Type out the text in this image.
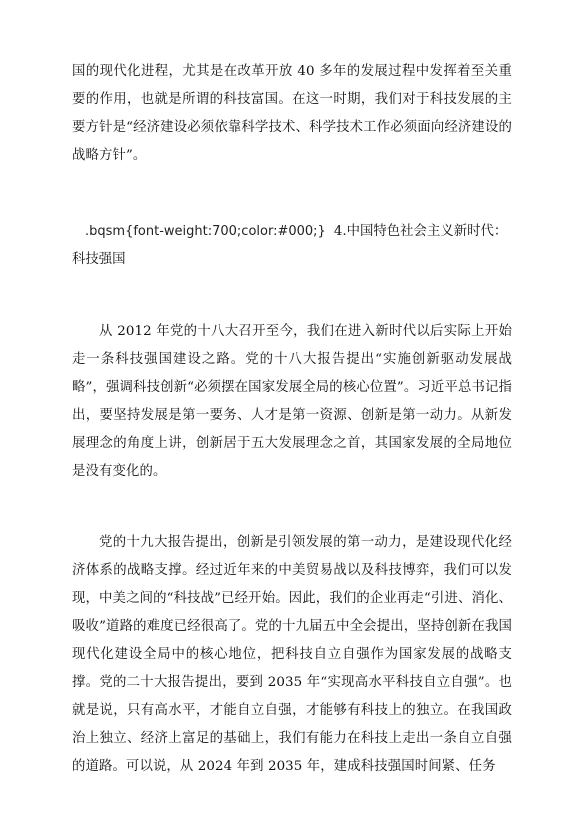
国的现代化进程，尤其是在改革开放 40 多年的发展过程中发挥着至关重要的作用，也就是所谓的科技富国。在这一时期，我们对于科技发展的主要方针是“经济建设必须依靠科学技术、科学技术工作必须面向经济建设的战略方针”。

.bqsm{font-weight:700;color:#000;} 4.中国特色社会主义新时代：科技强国

从 2012 年党的十八大召开至今，我们在进入新时代以后实际上开始走一条科技强国建设之路。党的十八大报告提出“实施创新驱动发展战略”，强调科技创新“必须摆在国家发展全局的核心位置”。习近平总书记指出，要坚持发展是第一要务、人才是第一资源、创新是第一动力。从新发展理念的角度上讲，创新居于五大发展理念之首，其国家发展的全局地位是没有变化的。

党的十九大报告提出，创新是引领发展的第一动力，是建设现代化经济体系的战略支撑。经过近年来的中美贸易战以及科技博弈，我们可以发现，中美之间的“科技战”已经开始。因此，我们的企业再走“引进、消化、吸收”道路的难度已经很高了。党的十九届五中全会提出，坚持创新在我国现代化建设全局中的核心地位，把科技自立自强作为国家发展的战略支撑。党的二十大报告提出，要到 2035 年“实现高水平科技自立自强”。也就是说，只有高水平，才能自立自强，才能够有科技上的独立。在我国政治上独立、经济上富足的基础上，我们有能力在科技上走出一条自立自强的道路。可以说，从 2024 年到 2035 年，建成科技强国时间紧、任务
